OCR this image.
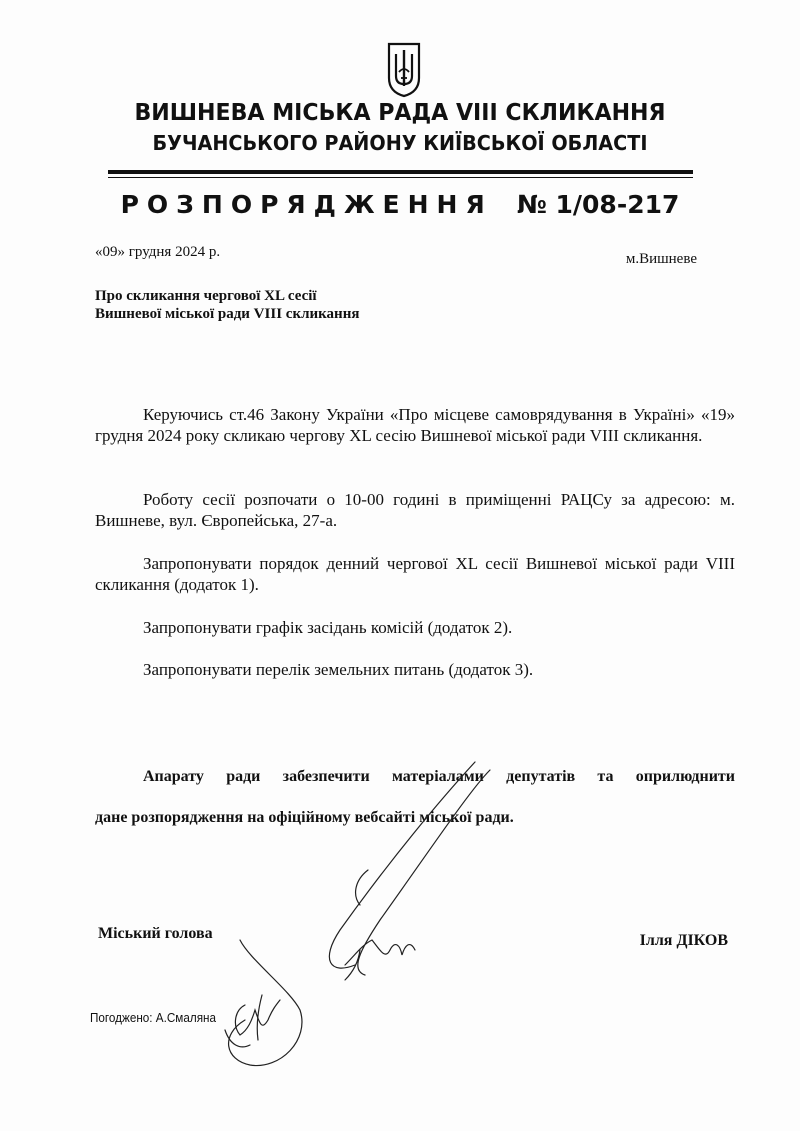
ВИШНЕВА МІСЬКА РАДА VIII СКЛИКАННЯ
БУЧАНСЬКОГО РАЙОНУ КИЇВСЬКОЇ ОБЛАСТІ
РОЗПОРЯДЖЕННЯ № 1/08-217
«09» грудня 2024 р.	м.Вишневе
Про скликання чергової XL сесії
Вишневої міської ради VIII скликання
Керуючись ст.46 Закону України «Про місцеве самоврядування в Україні» «19» грудня 2024 року скликаю чергову XL сесію Вишневої міської ради VIII скликання.
Роботу сесії розпочати о 10-00 годині в приміщенні РАЦСу за адресою: м. Вишневе, вул. Європейська, 27-а.
Запропонувати порядок денний чергової XL сесії Вишневої міської ради VIII скликання (додаток 1).
Запропонувати графік засідань комісій (додаток 2).
Запропонувати перелік земельних питань (додаток 3).
Апарату ради забезпечити матеріалами депутатів та оприлюднити
дане розпорядження на офіційному вебсайті міської ради.
Міський голова	Ілля ДІКОВ
Погоджено: А.Смаляна
